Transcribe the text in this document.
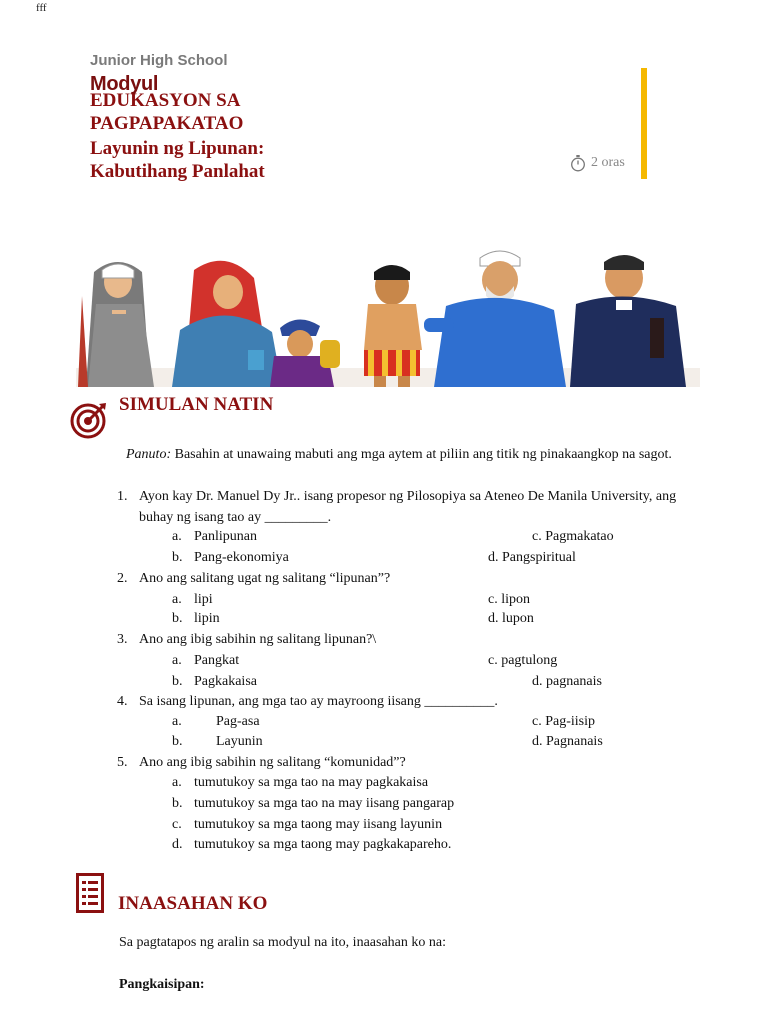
fff
Junior High School
Modyul
EDUKASYON SA
PAGPAPAKATAO
Layunin ng Lipunan:
Kabutihang Panlahat	2 oras
SIMULAN NATIN
Panuto: Basahin at unawaing mabuti ang mga aytem at piliin ang titik ng pinakaangkop na sagot.
1. Ayon kay Dr. Manuel Dy Jr.. isang propesor ng Pilosopiya sa Ateneo De Manila University, ang
buhay ng isang tao ay _________.
a. Panlipunan	c. Pagmakatao
b. Pang-ekonomiya	d. Pangspiritual
2. Ano ang salitang ugat ng salitang “lipunan”?
a. lipi	c. lipon
b. lipin	d. lupon
3. Ano ang ibig sabihin ng salitang lipunan?\
a. Pangkat	c. pagtulong
b. Pagkakaisa	d. pagnanais
4. Sa isang lipunan, ang mga tao ay mayroong iisang __________.
a. Pag-asa	c. Pag-iisip
b. Layunin	d. Pagnanais
5. Ano ang ibig sabihin ng salitang “komunidad”?
a. tumutukoy sa mga tao na may pagkakaisa
b. tumutukoy sa mga tao na may iisang pangarap
c. tumutukoy sa mga taong may iisang layunin
d. tumutukoy sa mga taong may pagkakapareho.
INAASAHAN KO
Sa pagtatapos ng aralin sa modyul na ito, inaasahan ko na:
Pangkaisipan:
